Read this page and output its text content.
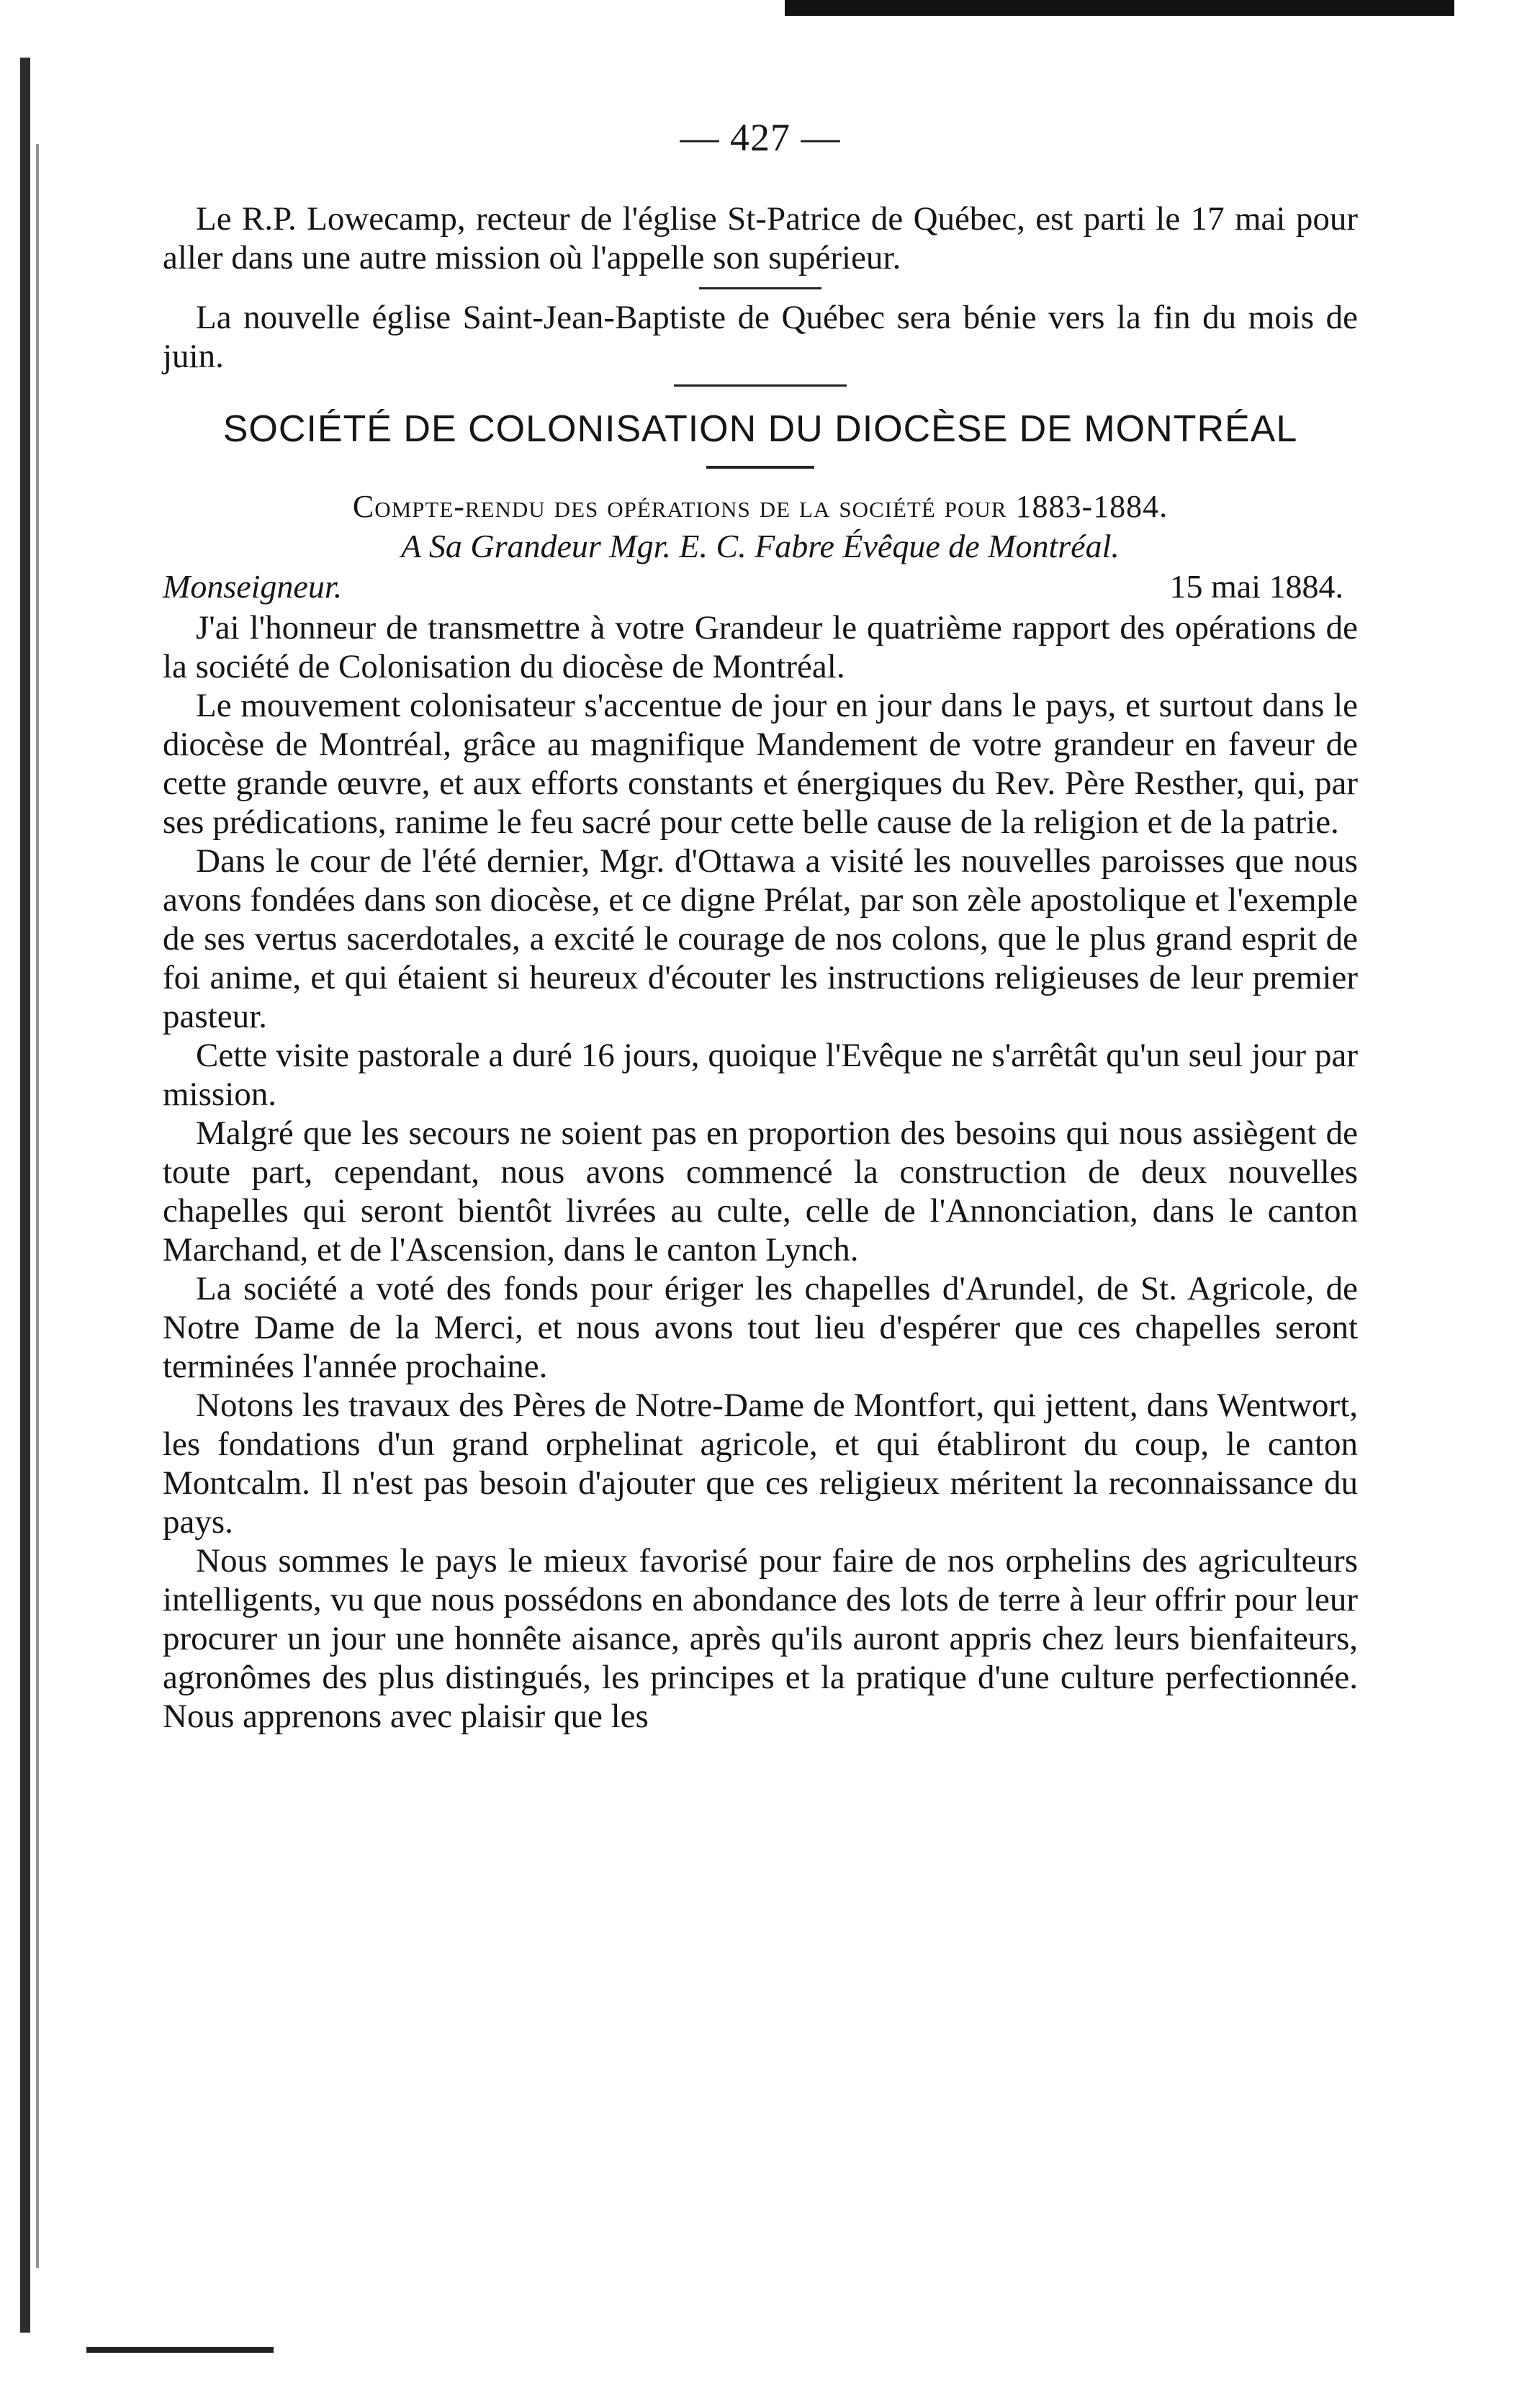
— 427 —

Le R.P. Lowecamp, recteur de l'église St-Patrice de Québec, est parti le 17 mai pour aller dans une autre mission où l'appelle son supérieur.

La nouvelle église Saint-Jean-Baptiste de Québec sera bénie vers la fin du mois de juin.

SOCIÉTÉ DE COLONISATION DU DIOCÈSE DE MONTRÉAL
Compte-rendu des opérations de la société pour 1883-1884.
A Sa Grandeur Mgr. E. C. Fabre Évêque de Montréal.
Monseigneur.	15 mai 1884.

J'ai l'honneur de transmettre à votre Grandeur le quatrième rapport des opérations de la société de Colonisation du diocèse de Montréal.

Le mouvement colonisateur s'accentue de jour en jour dans le pays, et surtout dans le diocèse de Montréal, grâce au magnifique Mandement de votre grandeur en faveur de cette grande œuvre, et aux efforts constants et énergiques du Rev. Père Resther, qui, par ses prédications, ranime le feu sacré pour cette belle cause de la religion et de la patrie.

Dans le cour de l'été dernier, Mgr. d'Ottawa a visité les nouvelles paroisses que nous avons fondées dans son diocèse, et ce digne Prélat, par son zèle apostolique et l'exemple de ses vertus sacerdotales, a excité le courage de nos colons, que le plus grand esprit de foi anime, et qui étaient si heureux d'écouter les instructions religieuses de leur premier pasteur.

Cette visite pastorale a duré 16 jours, quoique l'Evêque ne s'arrêtât qu'un seul jour par mission.

Malgré que les secours ne soient pas en proportion des besoins qui nous assiègent de toute part, cependant, nous avons commencé la construction de deux nouvelles chapelles qui seront bientôt livrées au culte, celle de l'Annonciation, dans le canton Marchand, et de l'Ascension, dans le canton Lynch.

La société a voté des fonds pour ériger les chapelles d'Arundel, de St. Agricole, de Notre Dame de la Merci, et nous avons tout lieu d'espérer que ces chapelles seront terminées l'année prochaine.

Notons les travaux des Pères de Notre-Dame de Montfort, qui jettent, dans Wentwort, les fondations d'un grand orphelinat agricole, et qui établiront du coup, le canton Montcalm. Il n'est pas besoin d'ajouter que ces religieux méritent la reconnaissance du pays.

Nous sommes le pays le mieux favorisé pour faire de nos orphelins des agriculteurs intelligents, vu que nous possédons en abondance des lots de terre à leur offrir pour leur procurer un jour une honnête aisance, après qu'ils auront appris chez leurs bienfaiteurs, agronômes des plus distingués, les principes et la pratique d'une culture perfectionnée. Nous apprenons avec plaisir que les
